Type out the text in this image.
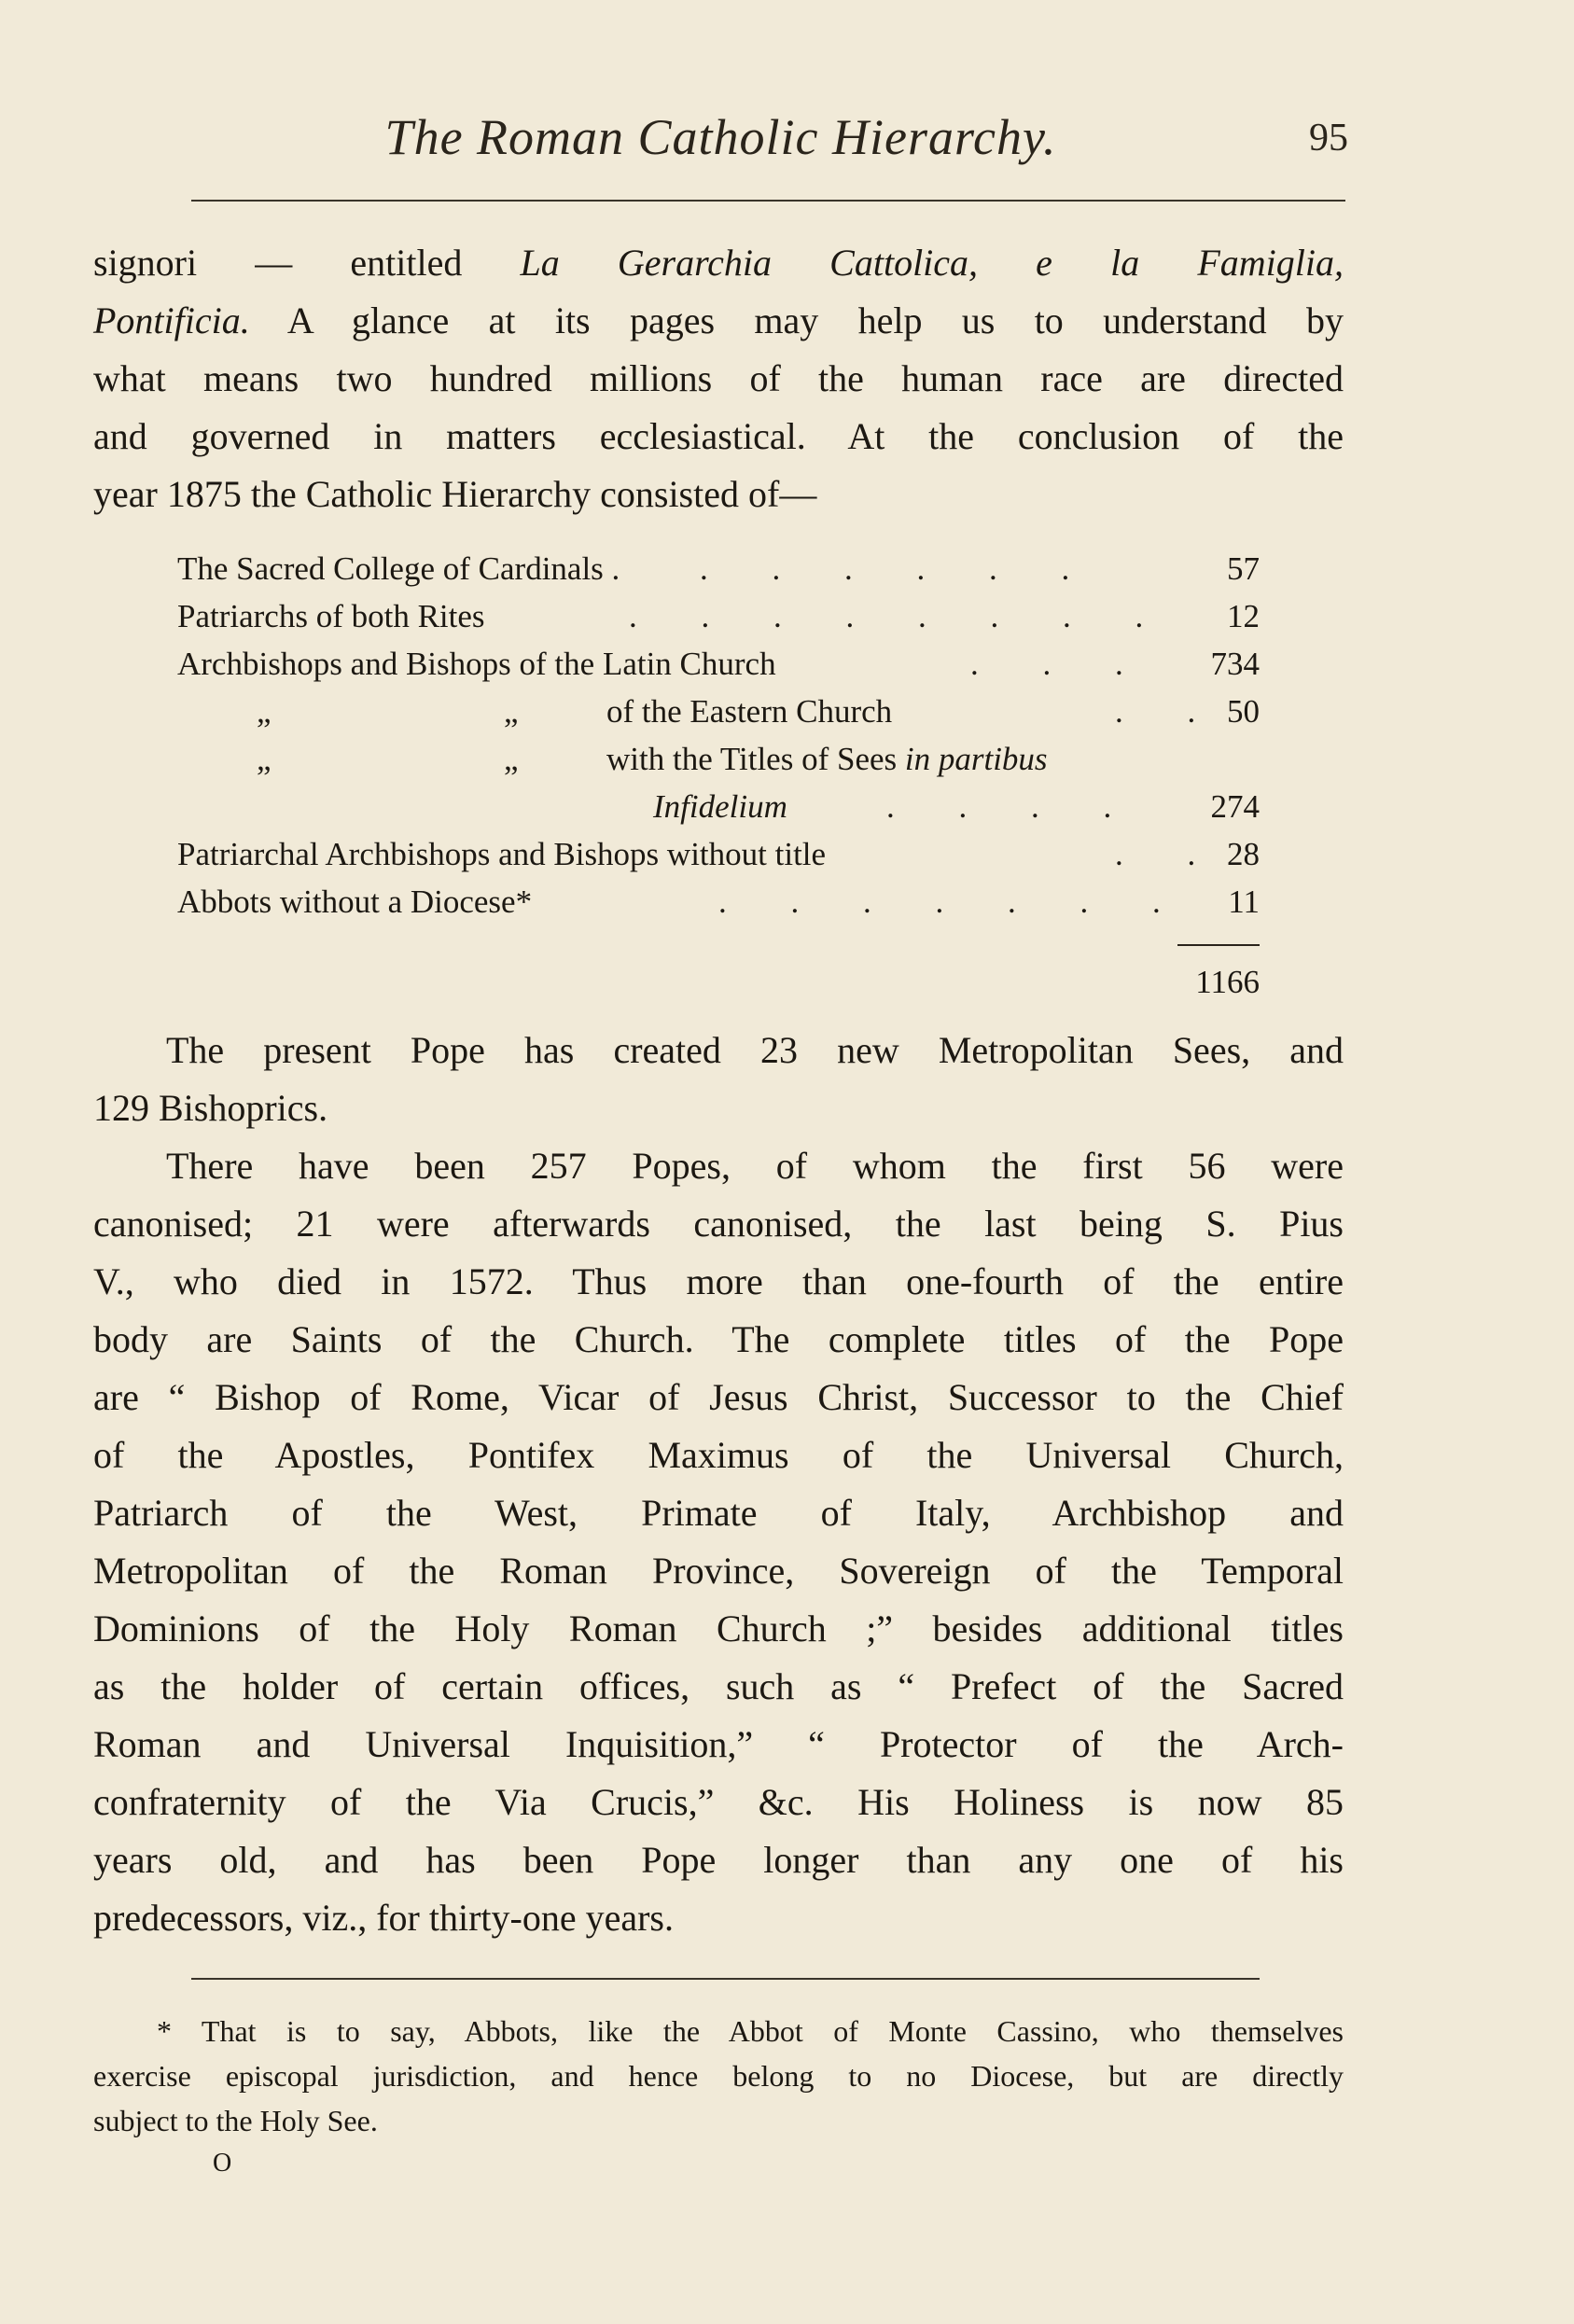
The Roman Catholic Hierarchy.	95
signori — entitled La Gerarchia Cattolica, e la Famiglia,
Pontificia. A glance at its pages may help us to understand by
what means two hundred millions of the human race are directed
and governed in matters ecclesiastical. At the conclusion of the
year 1875 the Catholic Hierarchy consisted of—
The Sacred College of Cardinals . . . . . . .	57
Patriarchs of both Rites	. . . . . . . . 12
Archbishops and Bishops of the Latin Church	. . . 734
„	„	of the Eastern Church	. . 50
„	„	with the Titles of Sees in partibus
Infidelium	. . . . 274
Patriarchal Archbishops and Bishops without title	. . 28
Abbots without a Diocese*	. . . . . . . 11
1166
The present Pope has created 23 new Metropolitan Sees, and
129 Bishoprics.
There have been 257 Popes, of whom the first 56 were
canonised; 21 were afterwards canonised, the last being S. Pius
V., who died in 1572. Thus more than one-fourth of the entire
body are Saints of the Church. The complete titles of the Pope
are “ Bishop of Rome, Vicar of Jesus Christ, Successor to the Chief
of the Apostles, Pontifex Maximus of the Universal Church,
Patriarch of the West, Primate of Italy, Archbishop and
Metropolitan of the Roman Province, Sovereign of the Temporal
Dominions of the Holy Roman Church ;” besides additional titles
as the holder of certain offices, such as “ Prefect of the Sacred
Roman and Universal Inquisition,” “ Protector of the Arch-
confraternity of the Via Crucis,” &c. His Holiness is now 85
years old, and has been Pope longer than any one of his
predecessors, viz., for thirty-one years.
* That is to say, Abbots, like the Abbot of Monte Cassino, who themselves
exercise episcopal jurisdiction, and hence belong to no Diocese, but are directly
subject to the Holy See.
O
